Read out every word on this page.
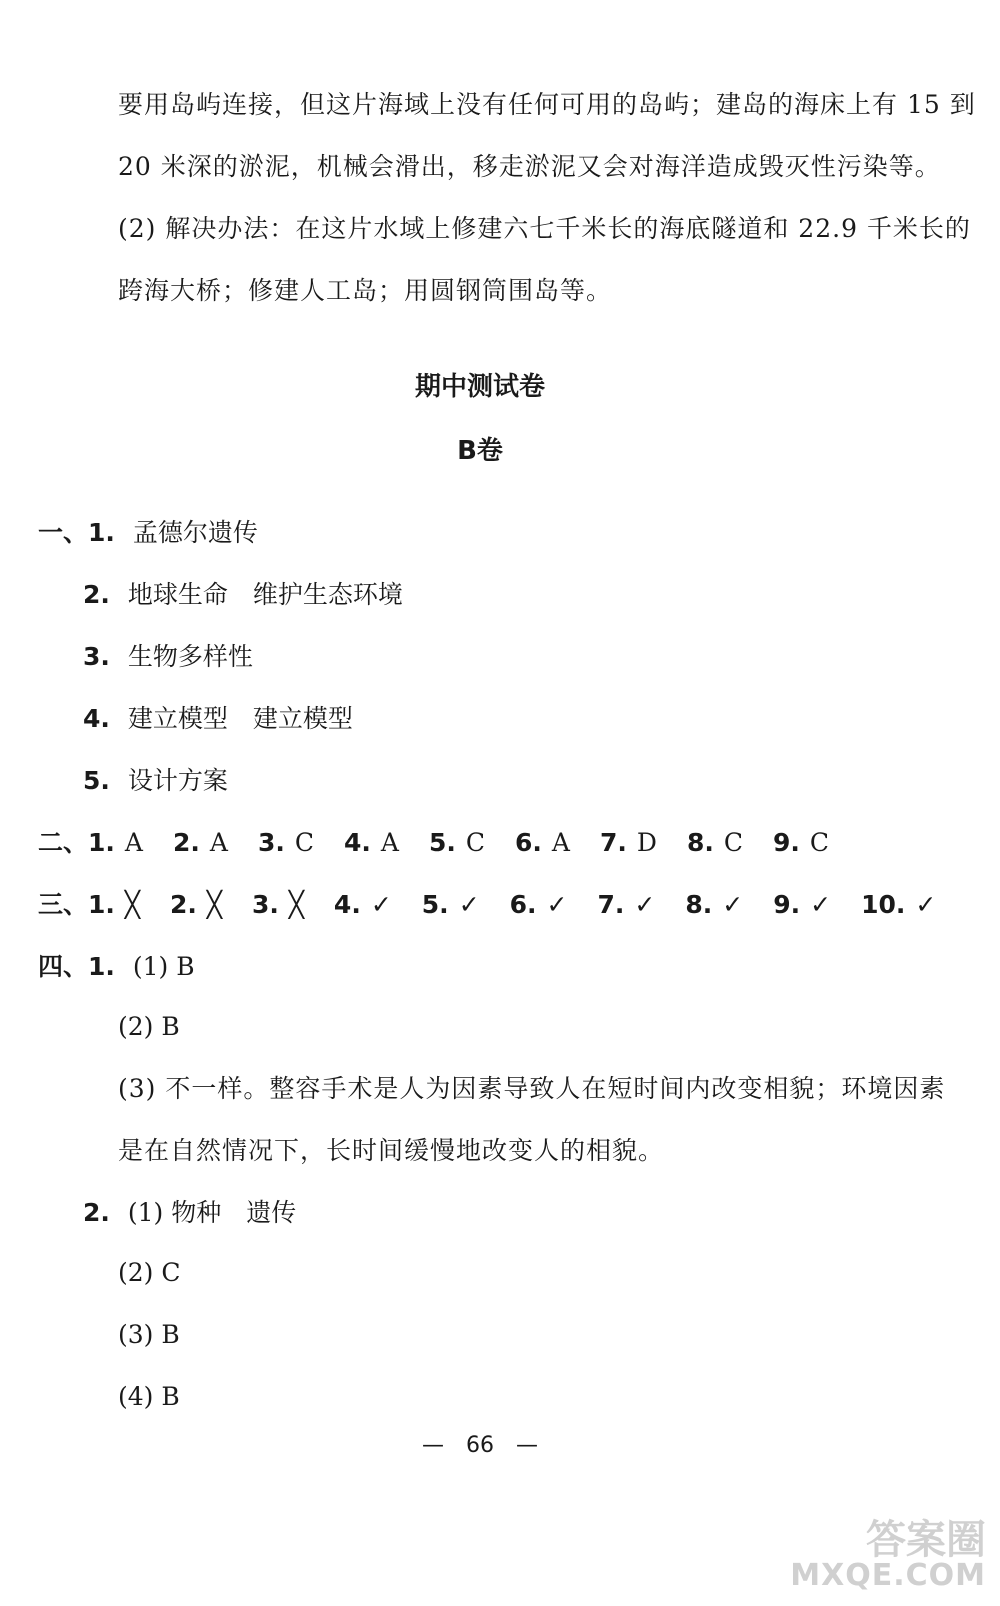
要用岛屿连接，但这片海域上没有任何可用的岛屿；建岛的海床上有 15 到
20 米深的淤泥，机械会滑出，移走淤泥又会对海洋造成毁灭性污染等。
(2) 解决办法：在这片水域上修建六七千米长的海底隧道和 22.9 千米长的
跨海大桥；修建人工岛；用圆钢筒围岛等。
期中测试卷
B卷
一、1. 孟德尔遗传
2. 地球生命　维护生态环境
3. 生物多样性
4. 建立模型　建立模型
5. 设计方案
二、1. A 2. A 3. C 4. A 5. C 6. A 7. D 8. C 9. C
三、1. ╳ 2. ╳ 3. ╳ 4. ✓ 5. ✓ 6. ✓ 7. ✓ 8. ✓ 9. ✓ 10. ✓
四、1. (1) B
(2) B
(3) 不一样。整容手术是人为因素导致人在短时间内改变相貌；环境因素
是在自然情况下，长时间缓慢地改变人的相貌。
2. (1) 物种　遗传
(2) C
(3) B
(4) B
—　66　—
答案圈
MXQE.COM
